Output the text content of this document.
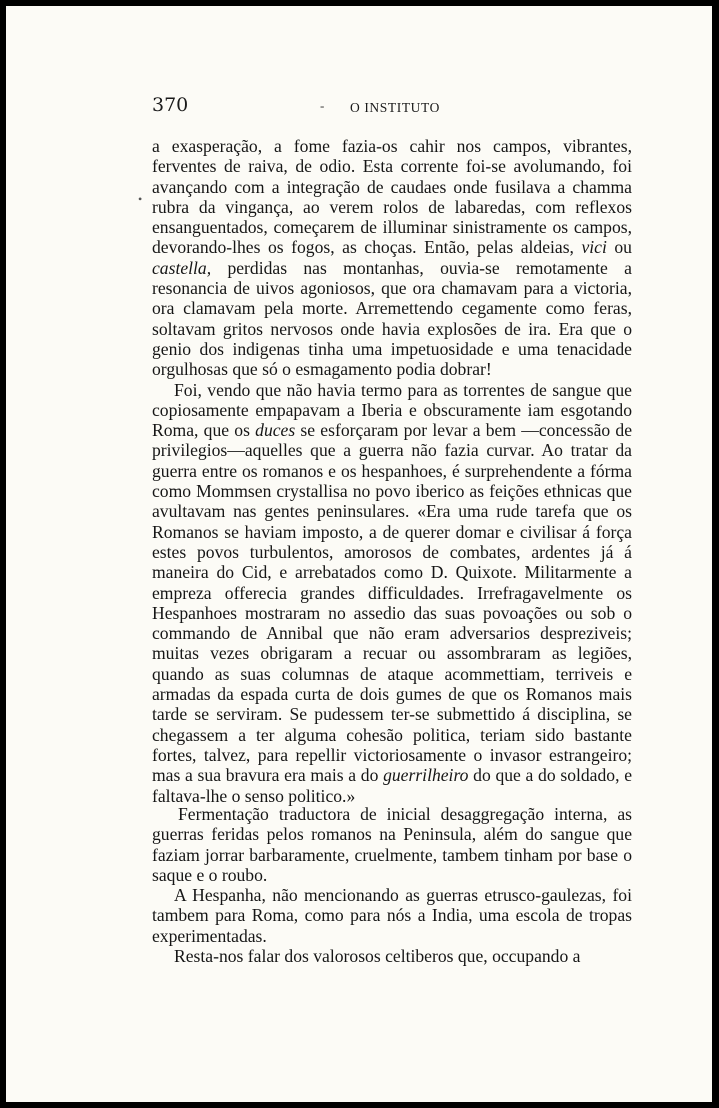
370	- O INSTITUTO

a exasperação, a fome fazia-os cahir nos campos, vibrantes, ferventes de raiva, de odio. Esta corrente foi-se avolumando, foi avançando com a integração de caudaes onde fusilava a chamma rubra da vingança, ao verem rolos de labaredas, com reflexos ensanguentados, começarem de illuminar sinistramente os campos, devorando-lhes os fogos, as choças. Então, pelas aldeias, vici ou castella, perdidas nas montanhas, ouvia-se remotamente a resonancia de uivos agoniosos, que ora chamavam para a victoria, ora clamavam pela morte. Arremettendo cegamente como feras, soltavam gritos nervosos onde havia explosões de ira. Era que o genio dos indigenas tinha uma impetuosidade e uma tenacidade orgulhosas que só o esmagamento podia dobrar!

Foi, vendo que não havia termo para as torrentes de sangue que copiosamente empapavam a Iberia e obscuramente iam esgotando Roma, que os duces se esforçaram por levar a bem —concessão de privilegios—aquelles que a guerra não fazia curvar. Ao tratar da guerra entre os romanos e os hespanhoes, é surprehendente a fórma como Mommsen crystallisa no povo iberico as feições ethnicas que avultavam nas gentes peninsulares. «Era uma rude tarefa que os Romanos se haviam imposto, a de querer domar e civilisar á força estes povos turbulentos, amorosos de combates, ardentes já á maneira do Cid, e arrebatados como D. Quixote. Militarmente a empreza offerecia grandes difficuldades. Irrefragavelmente os Hespanhoes mostraram no assedio das suas povoações ou sob o commando de Annibal que não eram adversarios despreziveis; muitas vezes obrigaram a recuar ou assombraram as legiões, quando as suas columnas de ataque acommettiam, terriveis e armadas da espada curta de dois gumes de que os Romanos mais tarde se serviram. Se pudessem ter-se submettido á disciplina, se chegassem a ter alguma cohesão politica, teriam sido bastante fortes, talvez, para repellir victoriosamente o invasor estrangeiro; mas a sua bravura era mais a do guerrilheiro do que a do soldado, e faltava-lhe o senso politico.»

Fermentação traductora de inicial desaggregação interna, as guerras feridas pelos romanos na Peninsula, além do sangue que faziam jorrar barbaramente, cruelmente, tambem tinham por base o saque e o roubo.

A Hespanha, não mencionando as guerras etrusco-gaulezas, foi tambem para Roma, como para nós a India, uma escola de tropas experimentadas.

Resta-nos falar dos valorosos celtiberos que, occupando a

•
